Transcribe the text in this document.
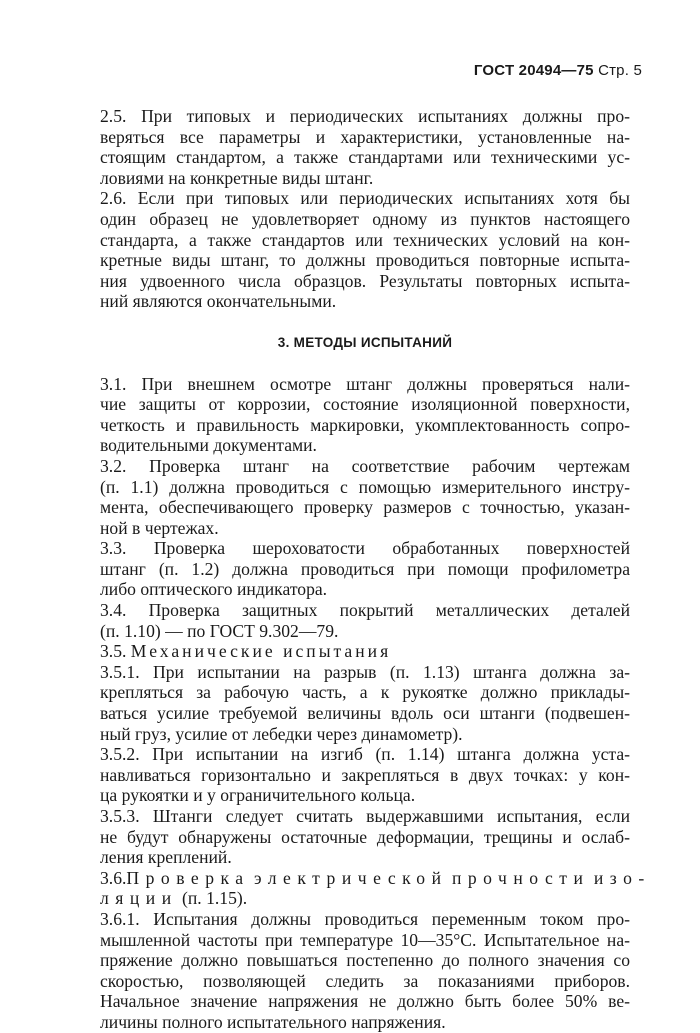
ГОСТ 20494—75 Стр. 5
2.5. При типовых и периодических испытаниях должны про-
веряться все параметры и характеристики, установленные на-
стоящим стандартом, а также стандартами или техническими ус-
ловиями на конкретные виды штанг.
2.6. Если при типовых или периодических испытаниях хотя бы
один образец не удовлетворяет одному из пунктов настоящего
стандарта, а также стандартов или технических условий на кон-
кретные виды штанг, то должны проводиться повторные испыта-
ния удвоенного числа образцов. Результаты повторных испыта-
ний являются окончательными.
3. МЕТОДЫ ИСПЫТАНИЙ
3.1. При внешнем осмотре штанг должны проверяться нали-
чие защиты от коррозии, состояние изоляционной поверхности,
четкость и правильность маркировки, укомплектованность сопро-
водительными документами.
3.2. Проверка штанг на соответствие рабочим чертежам
(п. 1.1) должна проводиться с помощью измерительного инстру-
мента, обеспечивающего проверку размеров с точностью, указан-
ной в чертежах.
3.3. Проверка шероховатости обработанных поверхностей
штанг (п. 1.2) должна проводиться при помощи профилометра
либо оптического индикатора.
3.4. Проверка защитных покрытий металлических деталей
(п. 1.10) — по ГОСТ 9.302—79.
3.5. Механические испытания
3.5.1. При испытании на разрыв (п. 1.13) штанга должна за-
крепляться за рабочую часть, а к рукоятке должно приклады-
ваться усилие требуемой величины вдоль оси штанги (подвешен-
ный груз, усилие от лебедки через динамометр).
3.5.2. При испытании на изгиб (п. 1.14) штанга должна уста-
навливаться горизонтально и закрепляться в двух точках: у кон-
ца рукоятки и у ограничительного кольца.
3.5.3. Штанги следует считать выдержавшими испытания, если
не будут обнаружены остаточные деформации, трещины и ослаб-
ления креплений.
3.6.Проверка электрической прочности изо-
ляции (п. 1.15).
3.6.1. Испытания должны проводиться переменным током про-
мышленной частоты при температуре 10—35°С. Испытательное на-
пряжение должно повышаться постепенно до полного значения со
скоростью, позволяющей следить за показаниями приборов.
Начальное значение напряжения не должно быть более 50% ве-
личины полного испытательного напряжения.
